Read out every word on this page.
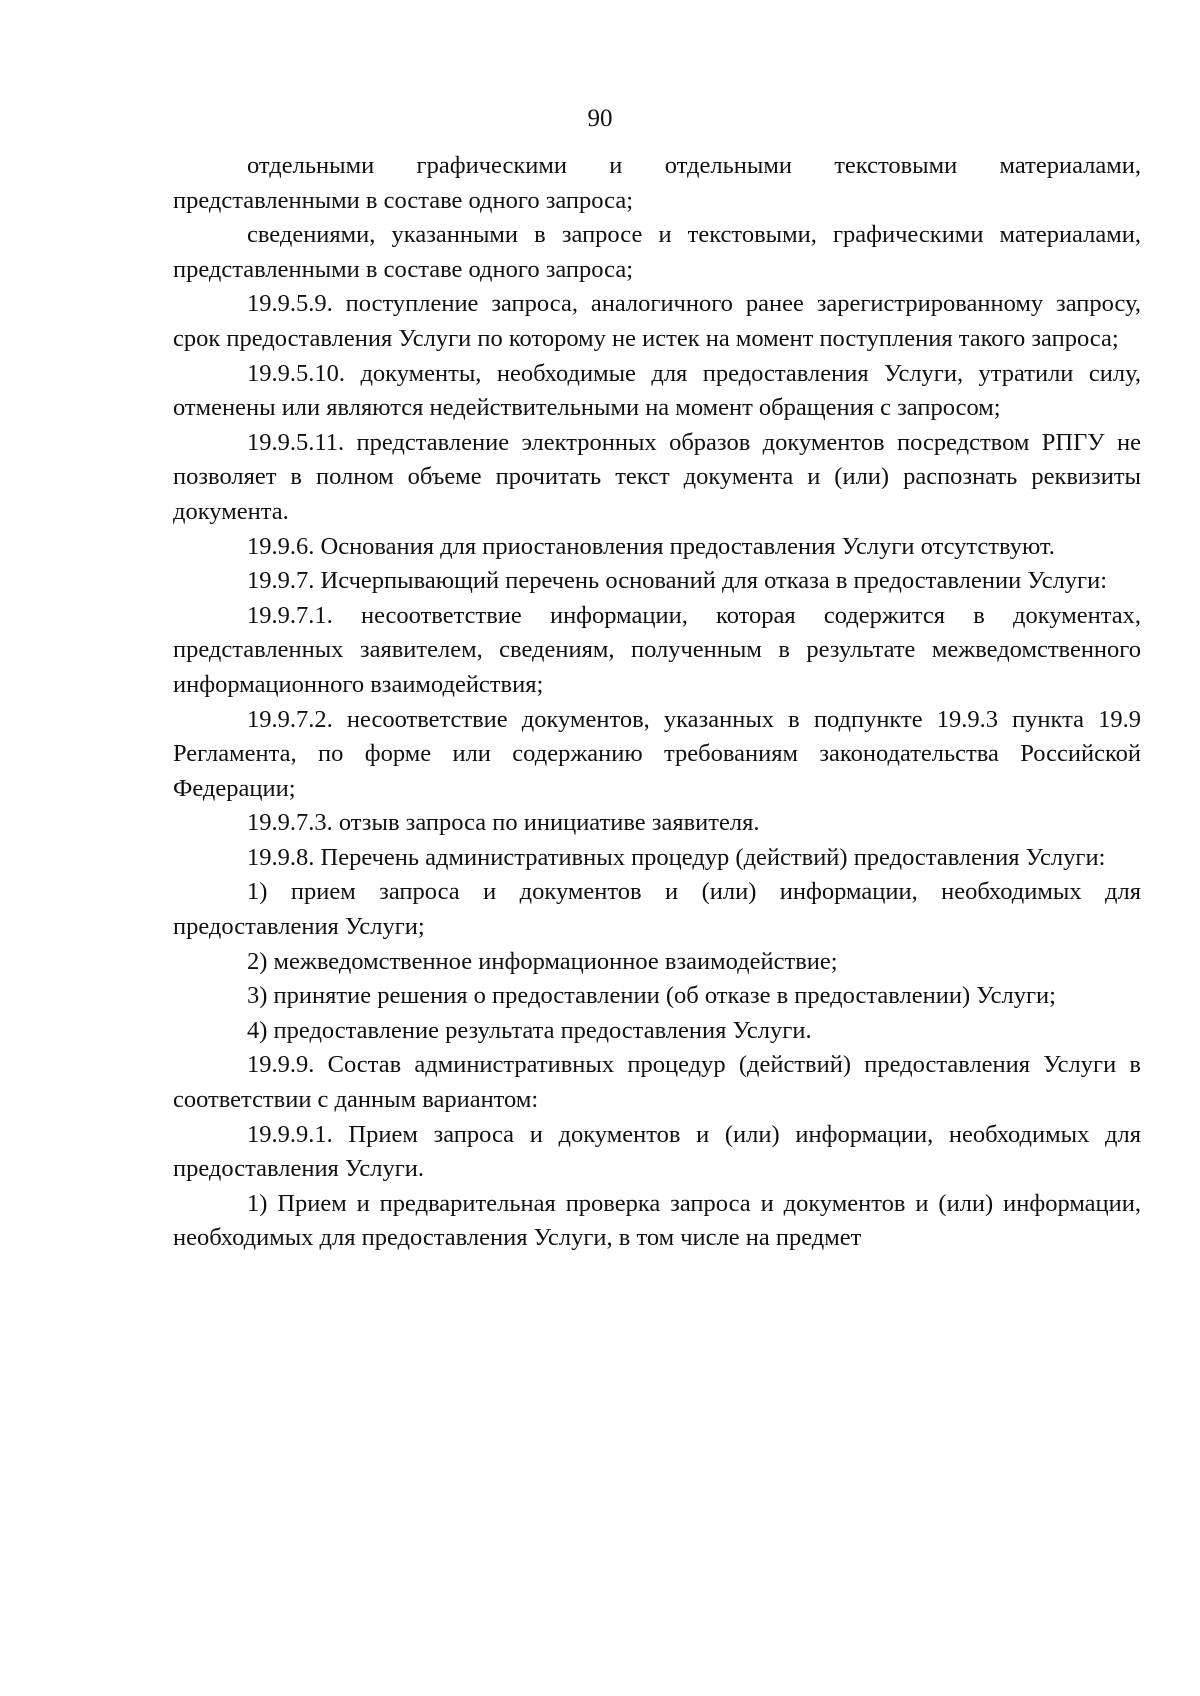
90

отдельными графическими и отдельными текстовыми материалами, представленными в составе одного запроса;

сведениями, указанными в запросе и текстовыми, графическими материалами, представленными в составе одного запроса;

19.9.5.9. поступление запроса, аналогичного ранее зарегистрированному запросу, срок предоставления Услуги по которому не истек на момент поступления такого запроса;

19.9.5.10. документы, необходимые для предоставления Услуги, утратили силу, отменены или являются недействительными на момент обращения с запросом;

19.9.5.11. представление электронных образов документов посредством РПГУ не позволяет в полном объеме прочитать текст документа и (или) распознать реквизиты документа.

19.9.6. Основания для приостановления предоставления Услуги отсутствуют.

19.9.7. Исчерпывающий перечень оснований для отказа в предоставлении Услуги:

19.9.7.1. несоответствие информации, которая содержится в документах, представленных заявителем, сведениям, полученным в результате межведомственного информационного взаимодействия;

19.9.7.2. несоответствие документов, указанных в подпункте 19.9.3 пункта 19.9 Регламента, по форме или содержанию требованиям законодательства Российской Федерации;

19.9.7.3. отзыв запроса по инициативе заявителя.

19.9.8. Перечень административных процедур (действий) предоставления Услуги:

1) прием запроса и документов и (или) информации, необходимых для предоставления Услуги;

2) межведомственное информационное взаимодействие;

3) принятие решения о предоставлении (об отказе в предоставлении) Услуги;

4) предоставление результата предоставления Услуги.

19.9.9. Состав административных процедур (действий) предоставления Услуги в соответствии с данным вариантом:

19.9.9.1. Прием запроса и документов и (или) информации, необходимых для предоставления Услуги.

1) Прием и предварительная проверка запроса и документов и (или) информации, необходимых для предоставления Услуги, в том числе на предмет
